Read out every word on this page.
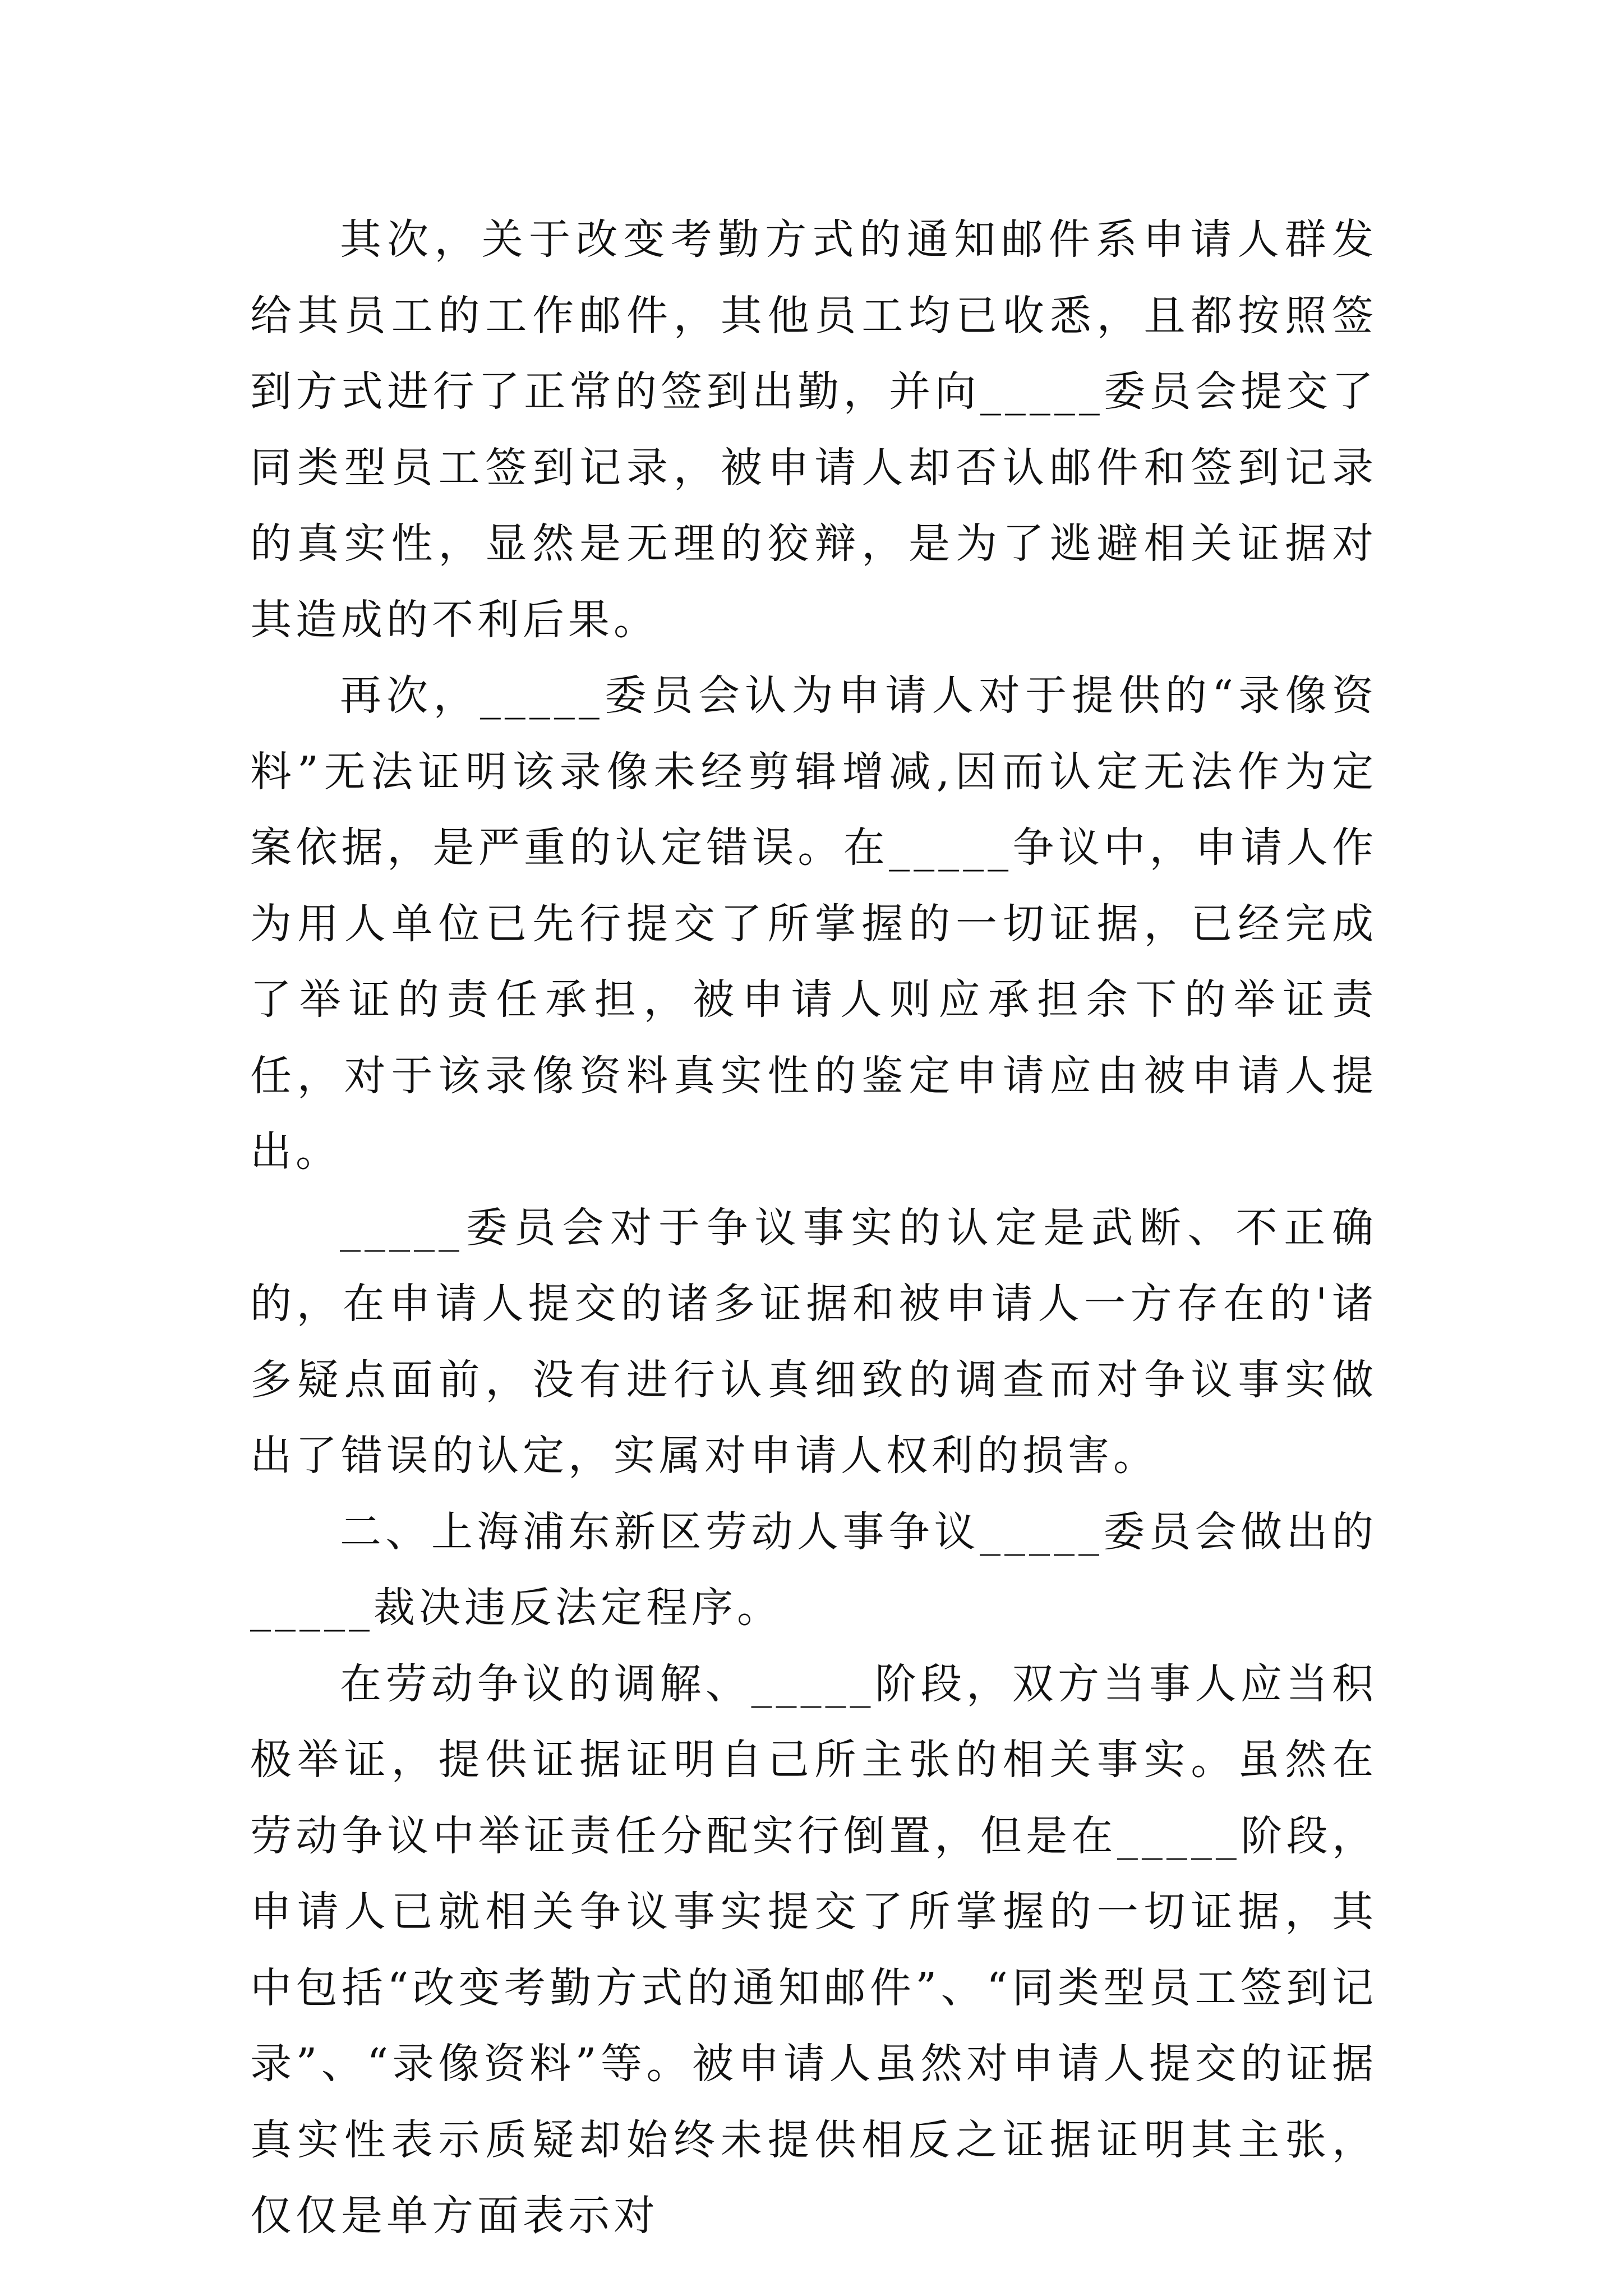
其次，关于改变考勤方式的通知邮件系申请人群发给其员工的工作邮件，其他员工均已收悉，且都按照签到方式进行了正常的签到出勤，并向_____委员会提交了同类型员工签到记录，被申请人却否认邮件和签到记录的真实性，显然是无理的狡辩，是为了逃避相关证据对其造成的不利后果。

再次，_____委员会认为申请人对于提供的“录像资料”无法证明该录像未经剪辑增减,因而认定无法作为定案依据，是严重的认定错误。在_____争议中，申请人作为用人单位已先行提交了所掌握的一切证据，已经完成了举证的责任承担，被申请人则应承担余下的举证责任，对于该录像资料真实性的鉴定申请应由被申请人提出。

_____委员会对于争议事实的认定是武断、不正确的，在申请人提交的诸多证据和被申请人一方存在的'诸多疑点面前，没有进行认真细致的调查而对争议事实做出了错误的认定，实属对申请人权利的损害。

二、上海浦东新区劳动人事争议_____委员会做出的_____裁决违反法定程序。

在劳动争议的调解、_____阶段，双方当事人应当积极举证，提供证据证明自己所主张的相关事实。虽然在劳动争议中举证责任分配实行倒置，但是在_____阶段，申请人已就相关争议事实提交了所掌握的一切证据，其中包括“改变考勤方式的通知邮件”、“同类型员工签到记录”、“录像资料”等。被申请人虽然对申请人提交的证据真实性表示质疑却始终未提供相反之证据证明其主张，仅仅是单方面表示对
